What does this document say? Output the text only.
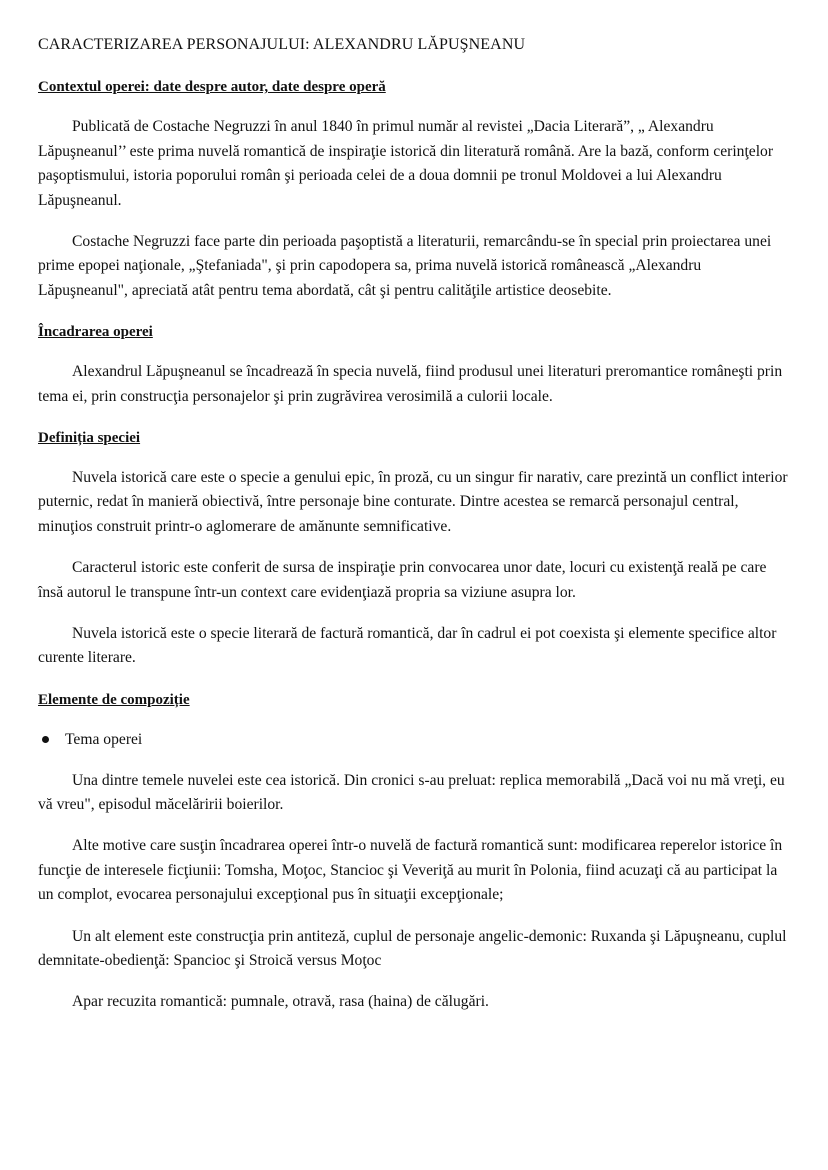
CARACTERIZAREA PERSONAJULUI: ALEXANDRU LĂPUŞNEANU
Contextul operei: date despre autor, date despre operă

Publicată de Costache Negruzzi în anul 1840 în primul număr al revistei „Dacia Literară”, „ Alexandru Lăpuşneanul’’ este prima nuvelă romantică de inspiraţie istorică din literatură română. Are la bază, conform cerinţelor paşoptismului, istoria poporului român şi perioada celei de a doua domnii pe tronul Moldovei a lui Alexandru Lăpuşneanul.

Costache Negruzzi face parte din perioada paşoptistă a literaturii, remarcându-se în special prin proiectarea unei prime epopei naţionale, „Ştefaniada", şi prin capodopera sa, prima nuvelă istorică românească „Alexandru Lăpuşneanul", apreciată atât pentru tema abordată, cât şi pentru calităţile artistice deosebite.

Încadrarea operei

Alexandrul Lăpuşneanul se încadrează în specia nuvelă, fiind produsul unei literaturi preromantice româneşti prin tema ei, prin construcţia personajelor şi prin zugrăvirea verosimilă a culorii locale.

Definiția speciei

Nuvela istorică care este o specie a genului epic, în proză, cu un singur fir narativ, care prezintă un conflict interior puternic, redat în manieră obiectivă, între personaje bine conturate. Dintre acestea se remarcă personajul central, minuţios construit printr-o aglomerare de amănunte semnificative.

Caracterul istoric este conferit de sursa de inspiraţie prin convocarea unor date, locuri cu existenţă reală pe care însă autorul le transpune într-un context care evidenţiază propria sa viziune asupra lor.

Nuvela istorică este o specie literară de factură romantică, dar în cadrul ei pot coexista şi elemente specifice altor curente literare.

Elemente de compoziție
Tema operei

Una dintre temele nuvelei este cea istorică. Din cronici s-au preluat: replica memorabilă „Dacă voi nu mă vreţi, eu vă vreu", episodul măcelăririi boierilor.

Alte motive care susţin încadrarea operei într-o nuvelă de factură romantică sunt: modificarea reperelor istorice în funcţie de interesele ficţiunii: Tomsha, Moţoc, Stancioc şi Veveriţă au murit în Polonia, fiind acuzaţi că au participat la un complot, evocarea personajului excepţional pus în situaţii excepţionale;

Un alt element este construcţia prin antiteză, cuplul de personaje angelic-demonic: Ruxanda şi Lăpuşneanu, cuplul demnitate-obedienţă: Spancioc şi Stroică versus Moţoc

Apar recuzita romantică: pumnale, otravă, rasa (haina) de călugări.
